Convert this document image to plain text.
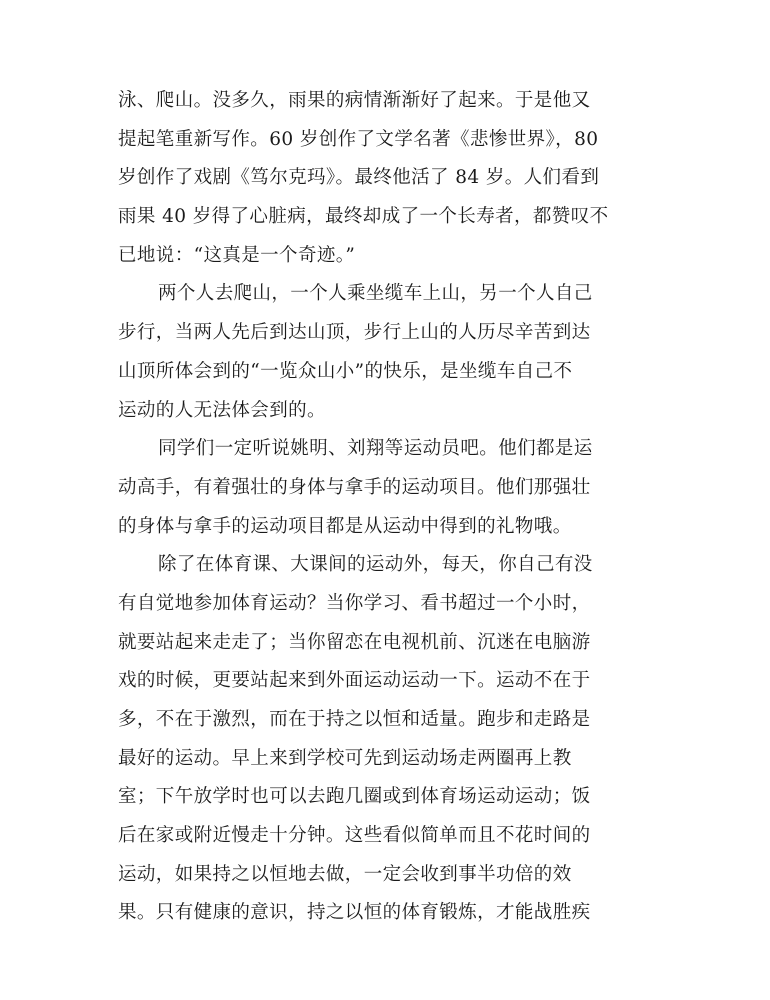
泳、爬山。没多久，雨果的病情渐渐好了起来。于是他又
提起笔重新写作。60 岁创作了文学名著《悲惨世界》，80
岁创作了戏剧《笃尔克玛》。最终他活了 84 岁。人们看到
雨果 40 岁得了心脏病，最终却成了一个长寿者，都赞叹不
已地说：“这真是一个奇迹。”
两个人去爬山，一个人乘坐缆车上山，另一个人自己
步行，当两人先后到达山顶，步行上山的人历尽辛苦到达
山顶所体会到的“一览众山小”的快乐，是坐缆车自己不
运动的人无法体会到的。
同学们一定听说姚明、刘翔等运动员吧。他们都是运
动高手，有着强壮的身体与拿手的运动项目。他们那强壮
的身体与拿手的运动项目都是从运动中得到的礼物哦。
除了在体育课、大课间的运动外，每天，你自己有没
有自觉地参加体育运动？当你学习、看书超过一个小时，
就要站起来走走了；当你留恋在电视机前、沉迷在电脑游
戏的时候，更要站起来到外面运动运动一下。运动不在于
多，不在于激烈，而在于持之以恒和适量。跑步和走路是
最好的运动。早上来到学校可先到运动场走两圈再上教
室；下午放学时也可以去跑几圈或到体育场运动运动；饭
后在家或附近慢走十分钟。这些看似简单而且不花时间的
运动，如果持之以恒地去做，一定会收到事半功倍的效
果。只有健康的意识，持之以恒的体育锻炼，才能战胜疾
